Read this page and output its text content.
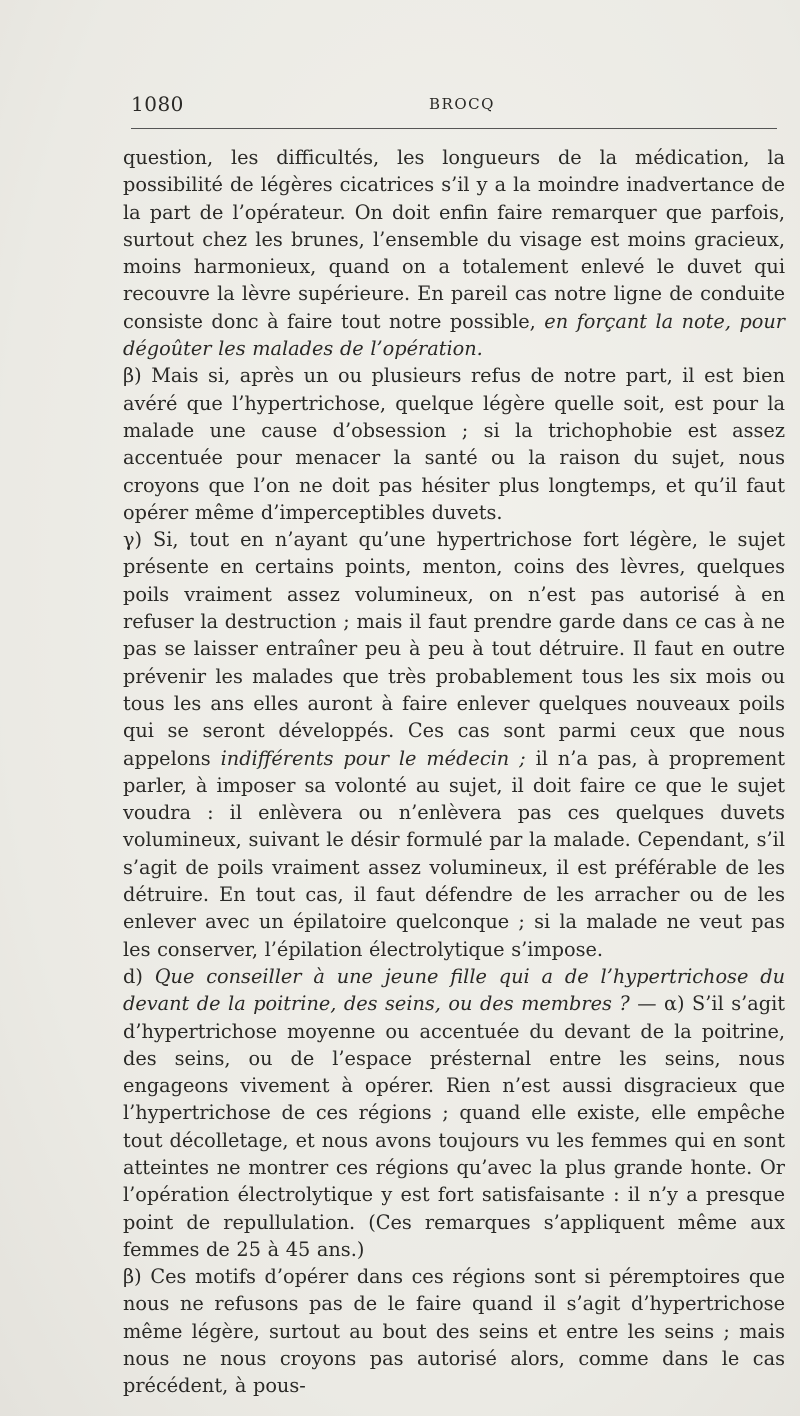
1080	BROCQ

question, les difficultés, les longueurs de la médication, la possibilité de légères cicatrices s’il y a la moindre inadvertance de la part de l’opérateur. On doit enfin faire remarquer que parfois, surtout chez les brunes, l’ensemble du visage est moins gracieux, moins harmonieux, quand on a totalement enlevé le duvet qui recouvre la lèvre supérieure. En pareil cas notre ligne de conduite consiste donc à faire tout notre possible, en forçant la note, pour dégoûter les malades de l’opération.

β) Mais si, après un ou plusieurs refus de notre part, il est bien avéré que l’hypertrichose, quelque légère quelle soit, est pour la malade une cause d’obsession ; si la trichophobie est assez accentuée pour menacer la santé ou la raison du sujet, nous croyons que l’on ne doit pas hésiter plus longtemps, et qu’il faut opérer même d’imperceptibles duvets.

γ) Si, tout en n’ayant qu’une hypertrichose fort légère, le sujet présente en certains points, menton, coins des lèvres, quelques poils vraiment assez volumineux, on n’est pas autorisé à en refuser la destruction ; mais il faut prendre garde dans ce cas à ne pas se laisser entraîner peu à peu à tout détruire. Il faut en outre prévenir les malades que très probablement tous les six mois ou tous les ans elles auront à faire enlever quelques nouveaux poils qui se seront développés. Ces cas sont parmi ceux que nous appelons indifférents pour le médecin ; il n’a pas, à proprement parler, à imposer sa volonté au sujet, il doit faire ce que le sujet voudra : il enlèvera ou n’enlèvera pas ces quelques duvets volumineux, suivant le désir formulé par la malade. Cependant, s’il s’agit de poils vraiment assez volumineux, il est préférable de les détruire. En tout cas, il faut défendre de les arracher ou de les enlever avec un épilatoire quelconque ; si la malade ne veut pas les conserver, l’épilation électrolytique s’impose.

d) Que conseiller à une jeune fille qui a de l’hypertrichose du devant de la poitrine, des seins, ou des membres ? — α) S’il s’agit d’hypertrichose moyenne ou accentuée du devant de la poitrine, des seins, ou de l’espace présternal entre les seins, nous engageons vivement à opérer. Rien n’est aussi disgracieux que l’hypertrichose de ces régions ; quand elle existe, elle empêche tout décolletage, et nous avons toujours vu les femmes qui en sont atteintes ne montrer ces régions qu’avec la plus grande honte. Or l’opération électrolytique y est fort satisfaisante : il n’y a presque point de repullulation. (Ces remarques s’appliquent même aux femmes de 25 à 45 ans.)

β) Ces motifs d’opérer dans ces régions sont si péremptoires que nous ne refusons pas de le faire quand il s’agit d’hypertrichose même légère, surtout au bout des seins et entre les seins ; mais nous ne nous croyons pas autorisé alors, comme dans le cas précédent, à pous-
